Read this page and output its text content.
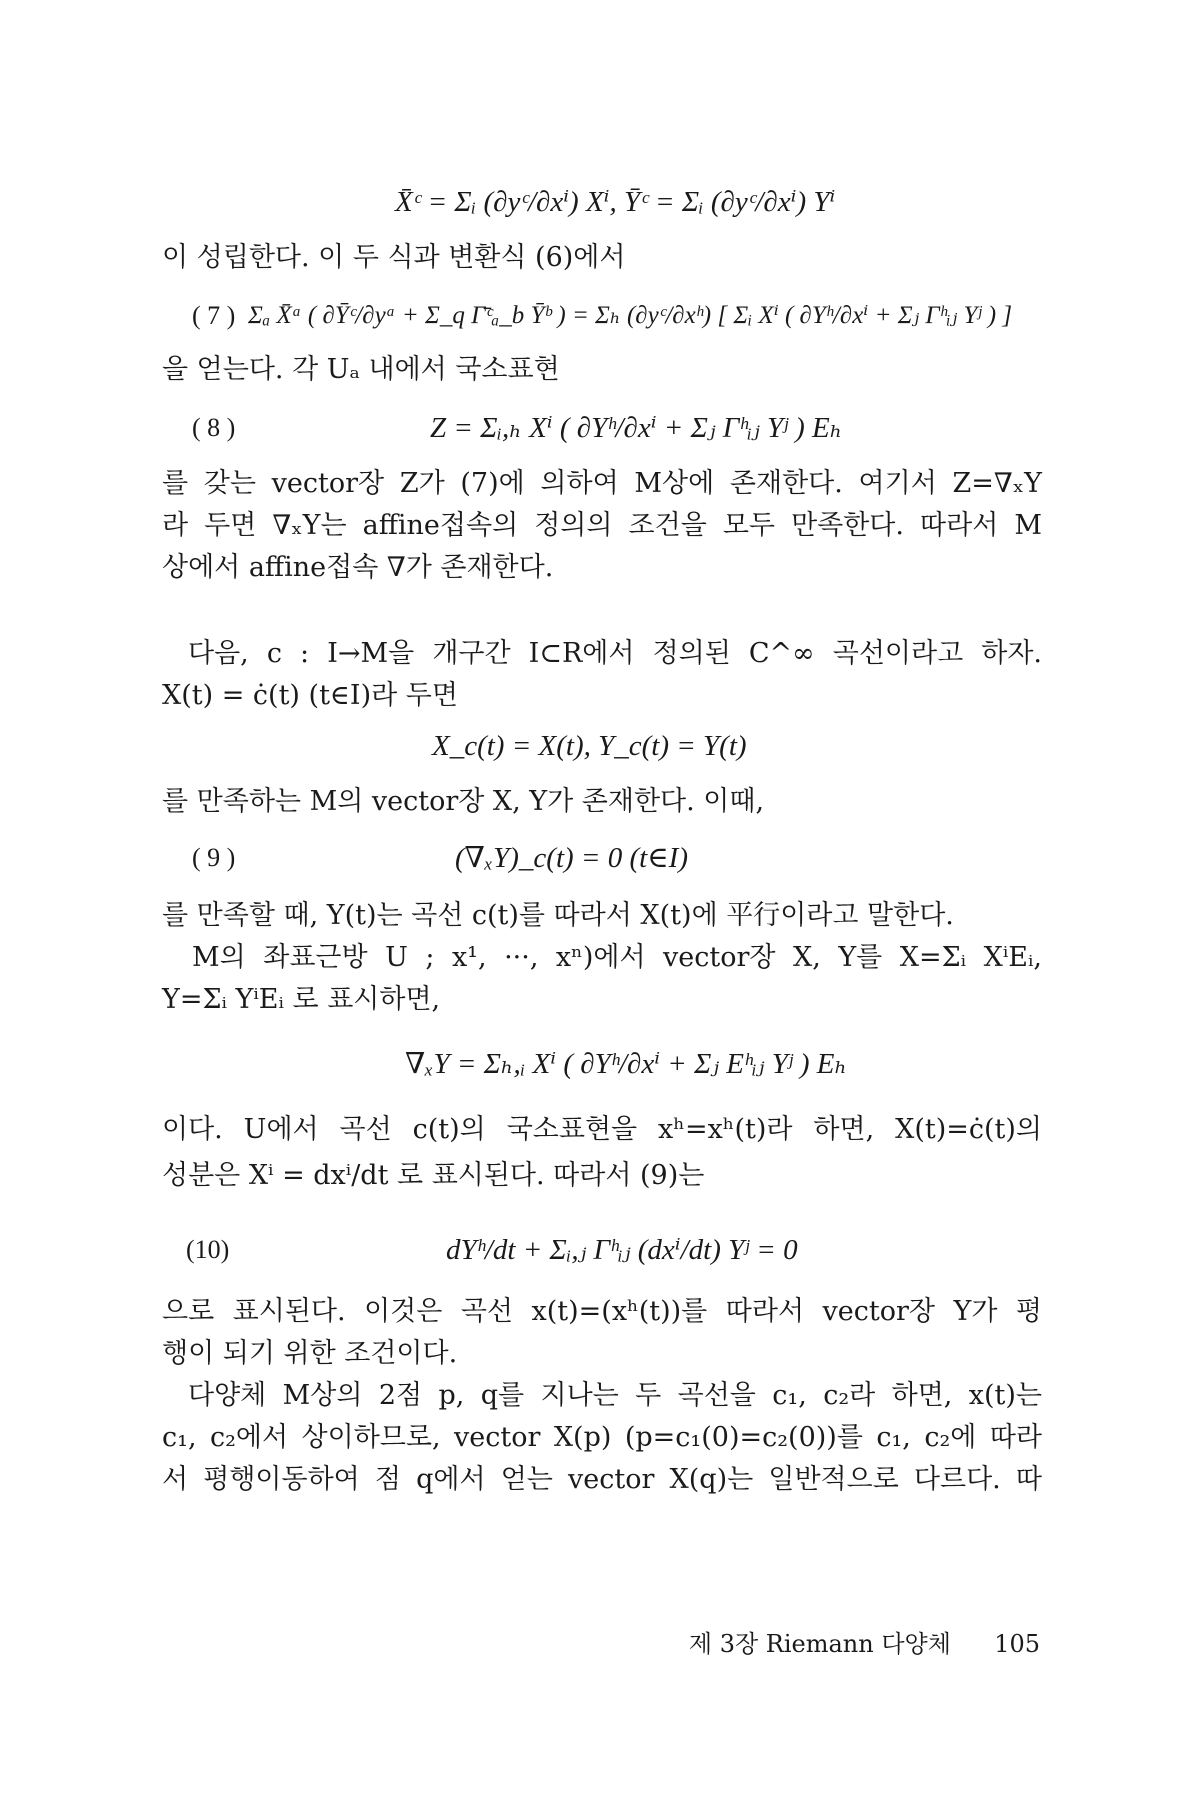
X̄ᶜ = Σᵢ (∂yᶜ/∂xⁱ) Xⁱ, Ȳᶜ = Σᵢ (∂yᶜ/∂xⁱ) Yⁱ
이 성립한다. 이 두 식과 변환식 (6)에서
( 7 ) Σₐ X̄ᵃ ( ∂Ȳᶜ/∂yᵃ + Σ_q Γ̄ᶜₐ_b Ȳᵇ ) = Σₕ (∂yᶜ/∂xʰ) [ Σᵢ Xⁱ ( ∂Yʰ/∂xⁱ + Σⱼ Γʰᵢⱼ Yʲ ) ]
을 얻는다. 각 Uₐ 내에서 국소표현
( 8 )	Z = Σᵢ,ₕ Xⁱ ( ∂Yʰ/∂xⁱ + Σⱼ Γʰᵢⱼ Yʲ ) Eₕ
를 갖는 vector장 Z가 (7)에 의하여 M상에 존재한다. 여기서 Z=∇ₓY
라 두면 ∇ₓY는 affine접속의 정의의 조건을 모두 만족한다. 따라서 M
상에서 affine접속 ∇가 존재한다.
다음, c : I→M을 개구간 I⊂R에서 정의된 C^∞ 곡선이라고 하자.
X(t) = ċ(t) (t∈I)라 두면
X_c(t) = X(t), Y_c(t) = Y(t)
를 만족하는 M의 vector장 X, Y가 존재한다. 이때,
( 9 )	(∇ₓY)_c(t) = 0 (t∈I)
를 만족할 때, Y(t)는 곡선 c(t)를 따라서 X(t)에 平行이라고 말한다.
M의 좌표근방 U ; x¹, ···, xⁿ)에서 vector장 X, Y를 X=Σᵢ XⁱEᵢ,
Y=Σᵢ YⁱEᵢ 로 표시하면,
∇ₓY = Σₕ,ᵢ Xⁱ ( ∂Yʰ/∂xⁱ + Σⱼ Eʰᵢⱼ Yʲ ) Eₕ
이다. U에서 곡선 c(t)의 국소표현을 xʰ=xʰ(t)라 하면, X(t)=ċ(t)의
성분은 Xⁱ = dxⁱ/dt 로 표시된다. 따라서 (9)는
(10)	dYʰ/dt + Σᵢ,ⱼ Γʰᵢⱼ (dxⁱ/dt) Yʲ = 0
으로 표시된다. 이것은 곡선 x(t)=(xʰ(t))를 따라서 vector장 Y가 평
행이 되기 위한 조건이다.
다양체 M상의 2점 p, q를 지나는 두 곡선을 c₁, c₂라 하면, x(t)는
c₁, c₂에서 상이하므로, vector X(p) (p=c₁(0)=c₂(0))를 c₁, c₂에 따라
서 평행이동하여 점 q에서 얻는 vector X(q)는 일반적으로 다르다. 따
제 3장 Riemann 다양체 105
